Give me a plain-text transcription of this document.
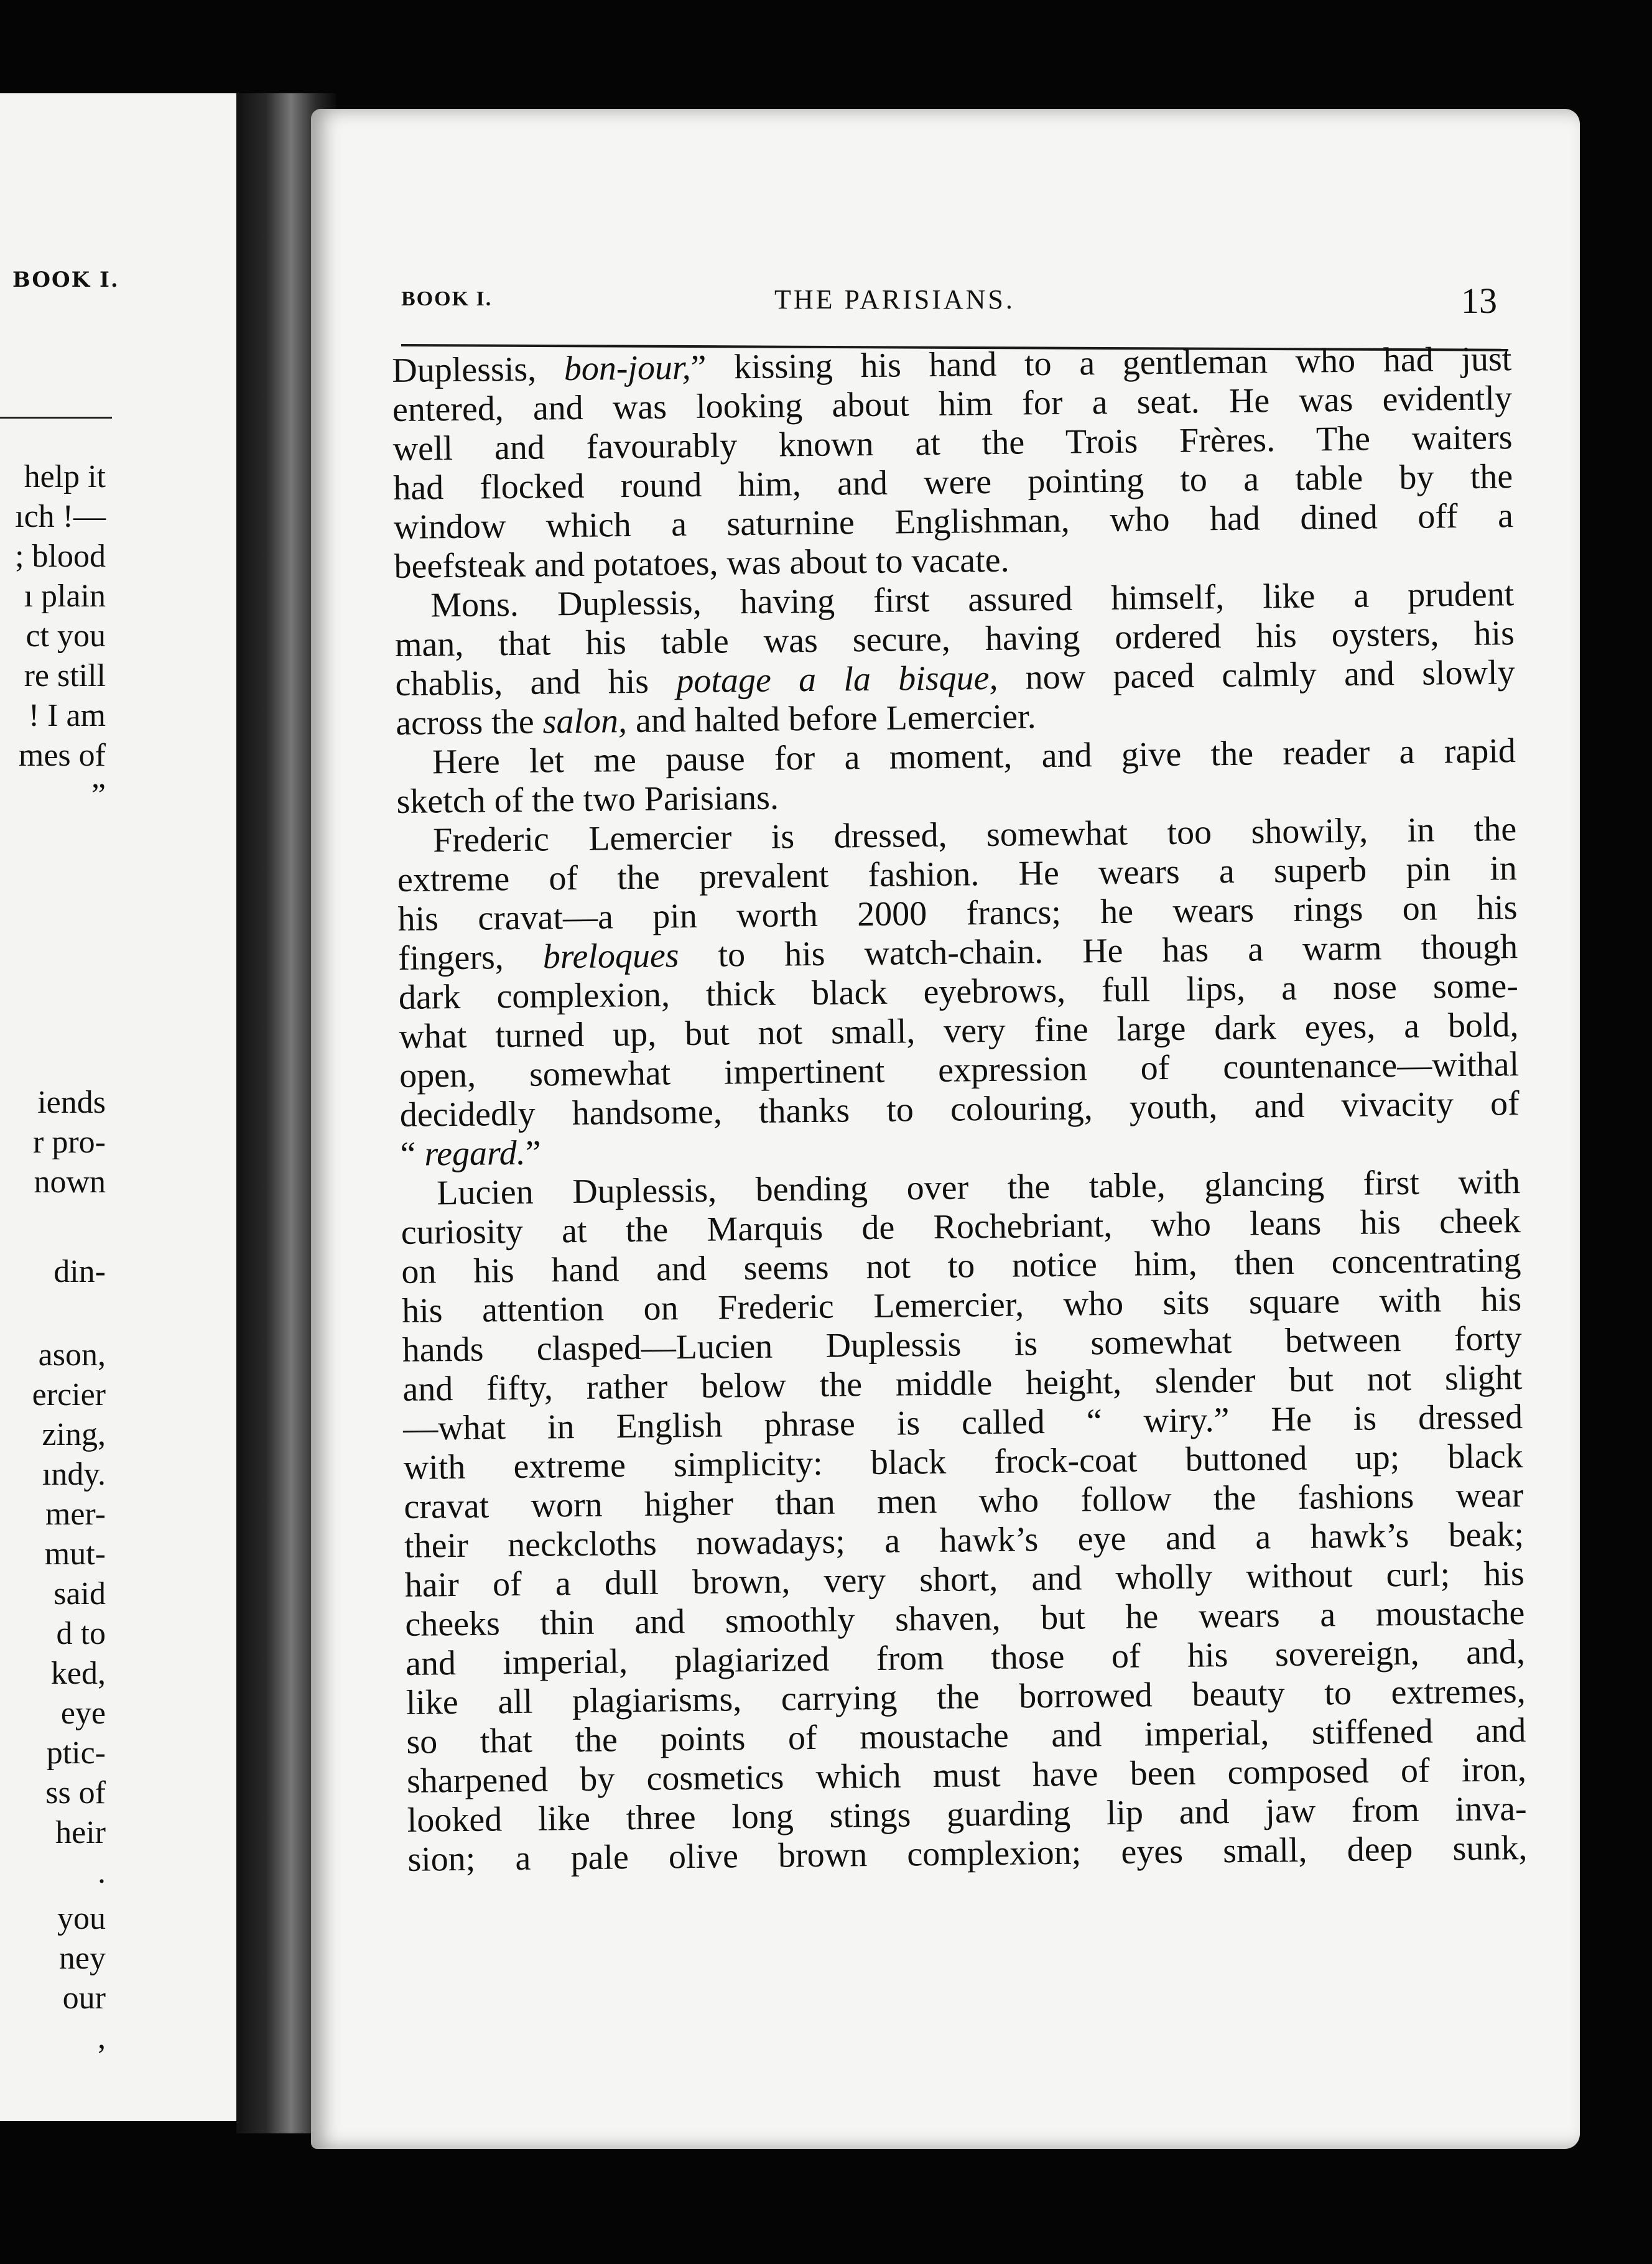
BOOK I.
help it
ıch !—
; blood
ı plain
ct you
re still
! I am
mes of
”
iends
r pro-
nown
din-
ason,
ercier
zing,
ındy.
mer-
mut-
said
d to
ked,
eye
ptic-
ss of
heir
.
you
ney
our
,
BOOK I.	THE PARISIANS.	13
Duplessis, bon-jour,” kissing his hand to a gentleman who had just
entered, and was looking about him for a seat. He was evidently
well and favourably known at the Trois Frères. The waiters
had flocked round him, and were pointing to a table by the
window which a saturnine Englishman, who had dined off a
beefsteak and potatoes, was about to vacate.
Mons. Duplessis, having first assured himself, like a prudent
man, that his table was secure, having ordered his oysters, his
chablis, and his potage a la bisque, now paced calmly and slowly
across the salon, and halted before Lemercier.
Here let me pause for a moment, and give the reader a rapid
sketch of the two Parisians.
Frederic Lemercier is dressed, somewhat too showily, in the
extreme of the prevalent fashion. He wears a superb pin in
his cravat—a pin worth 2000 francs; he wears rings on his
fingers, breloques to his watch-chain. He has a warm though
dark complexion, thick black eyebrows, full lips, a nose some-
what turned up, but not small, very fine large dark eyes, a bold,
open, somewhat impertinent expression of countenance—withal
decidedly handsome, thanks to colouring, youth, and vivacity of
“ regard.”
Lucien Duplessis, bending over the table, glancing first with
curiosity at the Marquis de Rochebriant, who leans his cheek
on his hand and seems not to notice him, then concentrating
his attention on Frederic Lemercier, who sits square with his
hands clasped—Lucien Duplessis is somewhat between forty
and fifty, rather below the middle height, slender but not slight
—what in English phrase is called “ wiry.” He is dressed
with extreme simplicity: black frock-coat buttoned up; black
cravat worn higher than men who follow the fashions wear
their neckcloths nowadays; a hawk’s eye and a hawk’s beak;
hair of a dull brown, very short, and wholly without curl; his
cheeks thin and smoothly shaven, but he wears a moustache
and imperial, plagiarized from those of his sovereign, and,
like all plagiarisms, carrying the borrowed beauty to extremes,
so that the points of moustache and imperial, stiffened and
sharpened by cosmetics which must have been composed of iron,
looked like three long stings guarding lip and jaw from inva-
sion; a pale olive brown complexion; eyes small, deep sunk,
